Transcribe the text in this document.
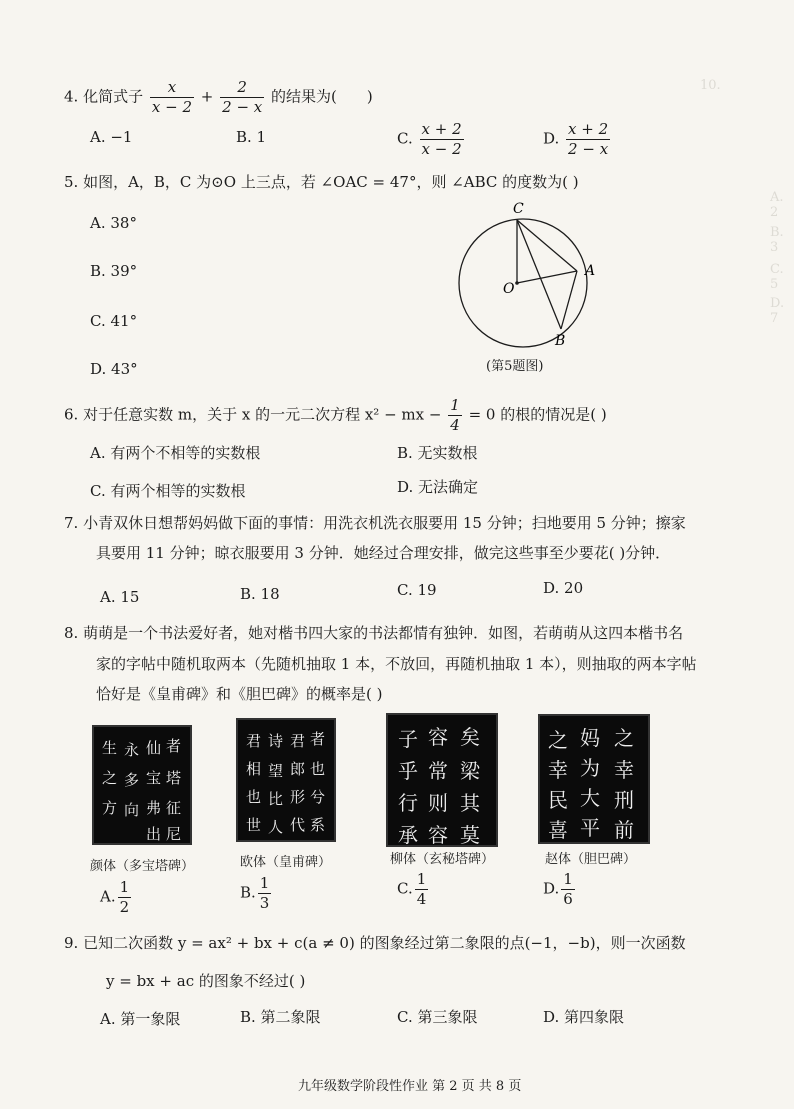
10.
A. 2
B. 3
C. 5
D. 7
4. 化简式子 $\frac{x}{x - 2} + \frac{2}{2 - x}$ 的结果为( )
A. −1	B. 1	C. $\frac{x + 2}{x - 2}$	D. $\frac{x + 2}{2 - x}$
5. 如图，A，B，C 为⊙O 上三点，若 ∠OAC = 47°，则 ∠ABC 的度数为( )
A. 38°
B. 39°
C. 41°
D. 43°
C
A
O
B
(第5题图)
6. 对于任意实数 m，关于 x 的一元二次方程 x² − mx − $\frac{1}{4} = 0$ 的根的情况是( )
A. 有两个不相等的实数根	B. 无实数根
C. 有两个相等的实数根	D. 无法确定
7. 小青双休日想帮妈妈做下面的事情：用洗衣机洗衣服要用 15 分钟；扫地要用 5 分钟；擦家
具要用 11 分钟；晾衣服要用 3 分钟．她经过合理安排，做完这些事至少要花( )分钟．
A. 15	B. 18	C. 19	D. 20
8. 萌萌是一个书法爱好者，她对楷书四大家的书法都情有独钟．如图，若萌萌从这四本楷书名
家的字帖中随机取两本（先随机抽取 1 本，不放回，再随机抽取 1 本），则抽取的两本字帖
恰好是《皇甫碑》和《胆巴碑》的概率是( )
生 永 仙 者
之 多 宝 塔
方 向 弗 征
出 尼
君 诗 君 者
相 望 郎 也
也 比 形 兮
世 人 代 系
子 容 矣
乎 常 梁
行 则 其
承 容 莫
之 妈 之
幸 为 幸
民 大 刑
喜 平 前
颜体（多宝塔碑）	欧体（皇甫碑）	柳体（玄秘塔碑）	赵体（胆巴碑）
A. $\frac{1}{2}$	B. $\frac{1}{3}$	C. $\frac{1}{4}$	D. $\frac{1}{6}$
9. 已知二次函数 y = ax² + bx + c(a ≠ 0) 的图象经过第二象限的点(−1，−b)，则一次函数
y = bx + ac 的图象不经过( )
A. 第一象限	B. 第二象限	C. 第三象限	D. 第四象限
九年级数学阶段性作业 第 2 页 共 8 页
